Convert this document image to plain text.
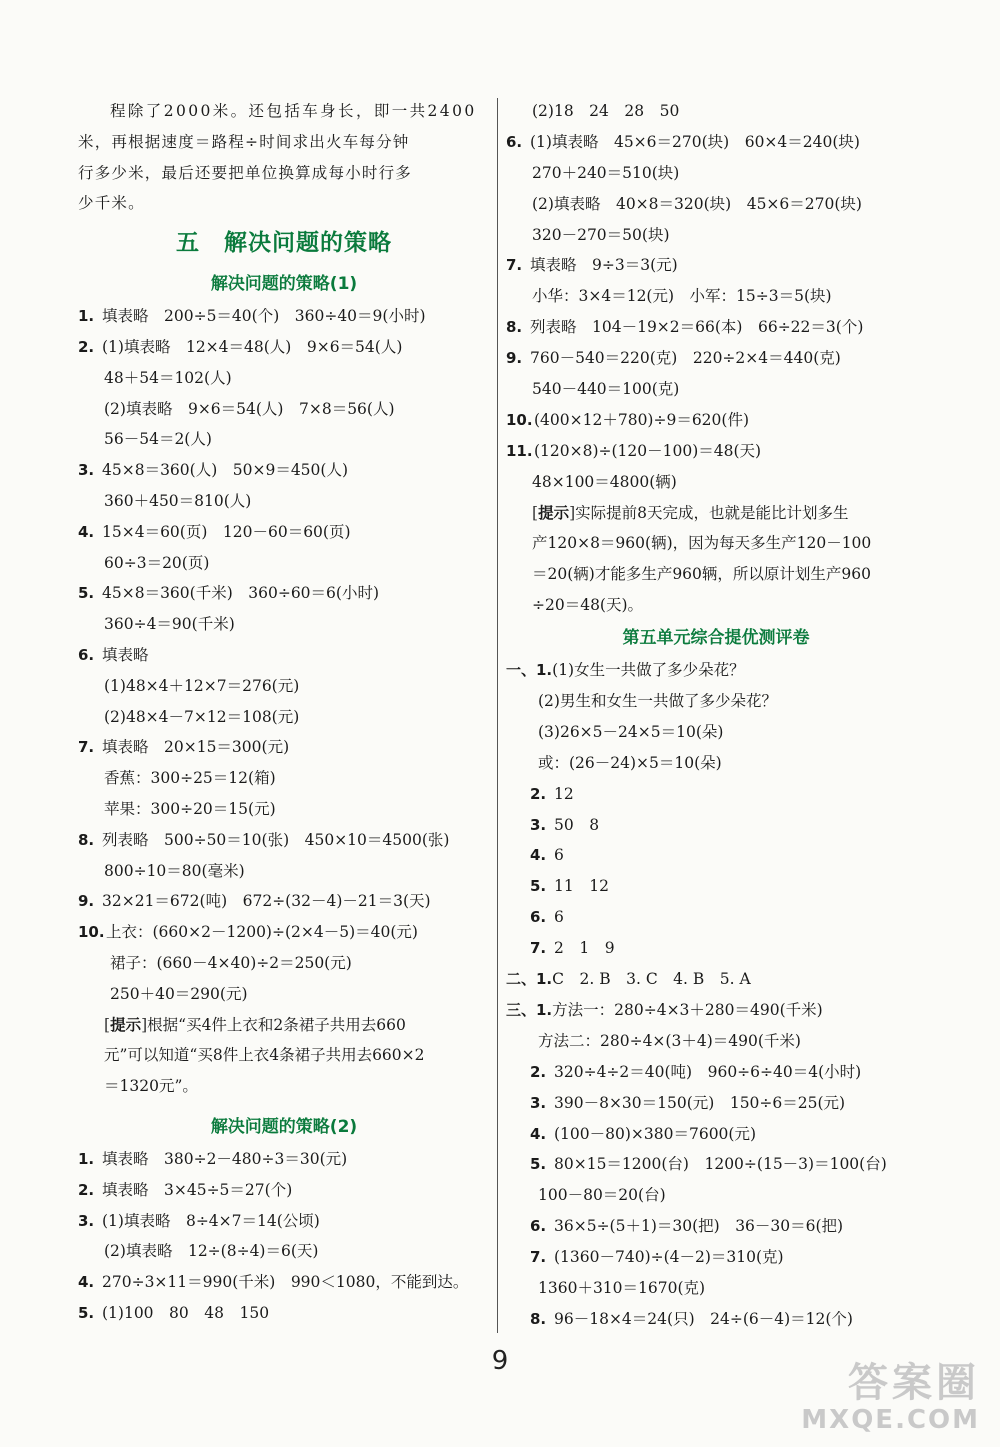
程除了2000米。还包括车身长，即一共2400
米，再根据速度＝路程÷时间求出火车每分钟
行多少米，最后还要把单位换算成每小时行多
少千米。
五　解决问题的策略
解决问题的策略(1)
1. 填表略　200÷5＝40(个)　360÷40＝9(小时)
2. (1)填表略　12×4＝48(人)　9×6＝54(人)
48＋54＝102(人)
(2)填表略　9×6＝54(人)　7×8＝56(人)
56－54＝2(人)
3. 45×8＝360(人)　50×9＝450(人)
360＋450＝810(人)
4. 15×4＝60(页)　120－60＝60(页)
60÷3＝20(页)
5. 45×8＝360(千米)　360÷60＝6(小时)
360÷4＝90(千米)
6. 填表略
(1)48×4＋12×7＝276(元)
(2)48×4－7×12＝108(元)
7. 填表略　20×15＝300(元)
香蕉：300÷25＝12(箱)
苹果：300÷20＝15(元)
8. 列表略　500÷50＝10(张)　450×10＝4500(张)
800÷10＝80(毫米)
9. 32×21＝672(吨)　672÷(32－4)－21＝3(天)
10.上衣：(660×2－1200)÷(2×4－5)＝40(元)
裙子：(660－4×40)÷2＝250(元)
250＋40＝290(元)
[提示]根据“买4件上衣和2条裙子共用去660
元”可以知道“买8件上衣4条裙子共用去660×2
＝1320元”。
解决问题的策略(2)
1. 填表略　380÷2－480÷3＝30(元)
2. 填表略　3×45÷5＝27(个)
3. (1)填表略　8÷4×7＝14(公顷)
(2)填表略　12÷(8÷4)＝6(天)
4. 270÷3×11＝990(千米)　990＜1080，不能到达。
5. (1)100　80　48　150
(2)18　24　28　50
6. (1)填表略　45×6＝270(块)　60×4＝240(块)
270＋240＝510(块)
(2)填表略　40×8＝320(块)　45×6＝270(块)
320－270＝50(块)
7. 填表略　9÷3＝3(元)
小华：3×4＝12(元)　小军：15÷3＝5(块)
8. 列表略　104－19×2＝66(本)　66÷22＝3(个)
9. 760－540＝220(克)　220÷2×4＝440(克)
540－440＝100(克)
10.(400×12＋780)÷9＝620(件)
11.(120×8)÷(120－100)＝48(天)
48×100＝4800(辆)
[提示]实际提前8天完成，也就是能比计划多生
产120×8＝960(辆)，因为每天多生产120－100
＝20(辆)才能多生产960辆，所以原计划生产960
÷20＝48(天)。
第五单元综合提优测评卷
一、1.(1)女生一共做了多少朵花？
(2)男生和女生一共做了多少朵花？
(3)26×5－24×5＝10(朵)
或：(26－24)×5＝10(朵)
2. 12
3. 50　8
4. 6
5. 11　12
6. 6
7. 2　1　9
二、1.C　2. B　3. C　4. B　5. A
三、1.方法一：280÷4×3＋280＝490(千米)
方法二：280÷4×(3＋4)＝490(千米)
2. 320÷4÷2＝40(吨)　960÷6÷40＝4(小时)
3. 390－8×30＝150(元)　150÷6＝25(元)
4. (100－80)×380＝7600(元)
5. 80×15＝1200(台)　1200÷(15－3)＝100(台)
100－80＝20(台)
6. 36×5÷(5＋1)＝30(把)　36－30＝6(把)
7. (1360－740)÷(4－2)＝310(克)
1360＋310＝1670(克)
8. 96－18×4＝24(只)　24÷(6－4)＝12(个)
9	答案圈
MXQE.COM
